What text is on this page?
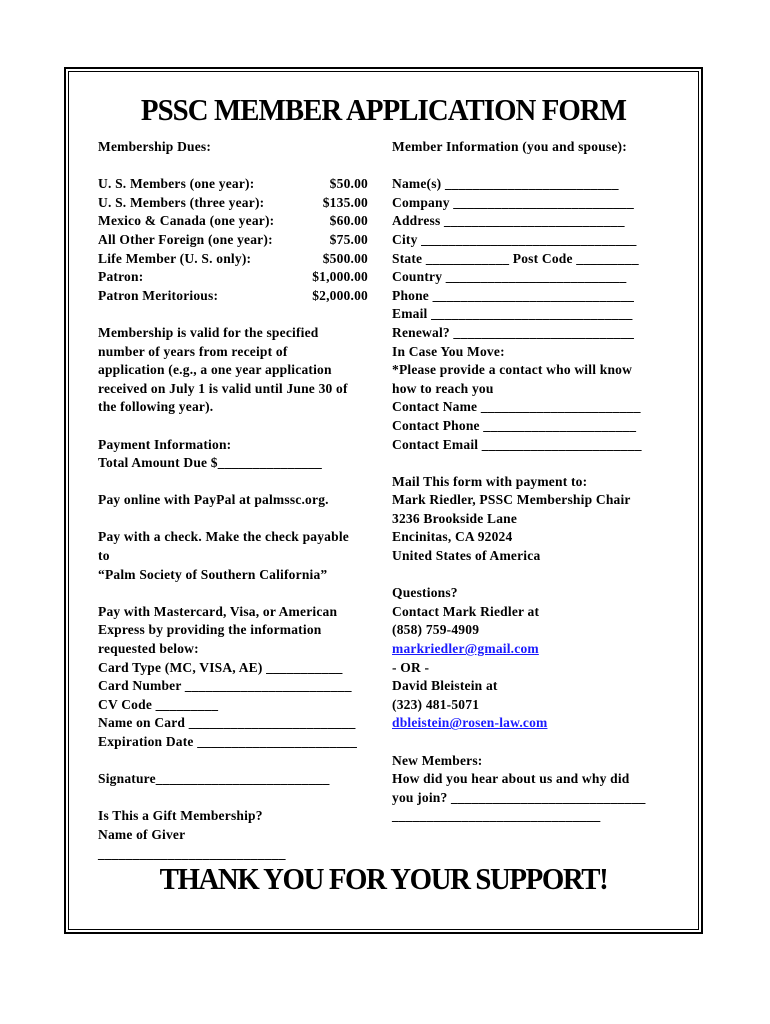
PSSC MEMBER APPLICATION FORM
Membership Dues:
U. S. Members (one year):	$50.00
U. S. Members (three year):	$135.00
Mexico & Canada (one year):	$60.00
All Other Foreign (one year):	$75.00
Life Member (U. S. only):	$500.00
Patron:	$1,000.00
Patron Meritorious:	$2,000.00
Membership is valid for the specified
number of years from receipt of
application (e.g., a one year application
received on July 1 is valid until June 30 of
the following year).
Payment Information:
Total Amount Due $_______________
Pay online with PayPal at palmssc.org.
Pay with a check. Make the check payable
to
“Palm Society of Southern California”
Pay with Mastercard, Visa, or American
Express by providing the information
requested below:
Card Type (MC, VISA, AE) ___________
Card Number ________________________
CV Code _________
Name on Card ________________________
Expiration Date _______________________
Signature_________________________
Is This a Gift Membership?
Name of Giver
___________________________
Member Information (you and spouse):
Name(s) _________________________
Company __________________________
Address __________________________
City _______________________________
State ____________ Post Code _________
Country __________________________
Phone _____________________________
Email _____________________________
Renewal? __________________________
In Case You Move:
*Please provide a contact who will know
how to reach you
Contact Name _______________________
Contact Phone ______________________
Contact Email _______________________
Mail This form with payment to:
Mark Riedler, PSSC Membership Chair
3236 Brookside Lane
Encinitas, CA 92024
United States of America
Questions?
Contact Mark Riedler at
(858) 759-4909
markriedler@gmail.com
- OR -
David Bleistein at
(323) 481-5071
dbleistein@rosen-law.com
New Members:
How did you hear about us and why did
you join? ____________________________
______________________________
THANK YOU FOR YOUR SUPPORT!
